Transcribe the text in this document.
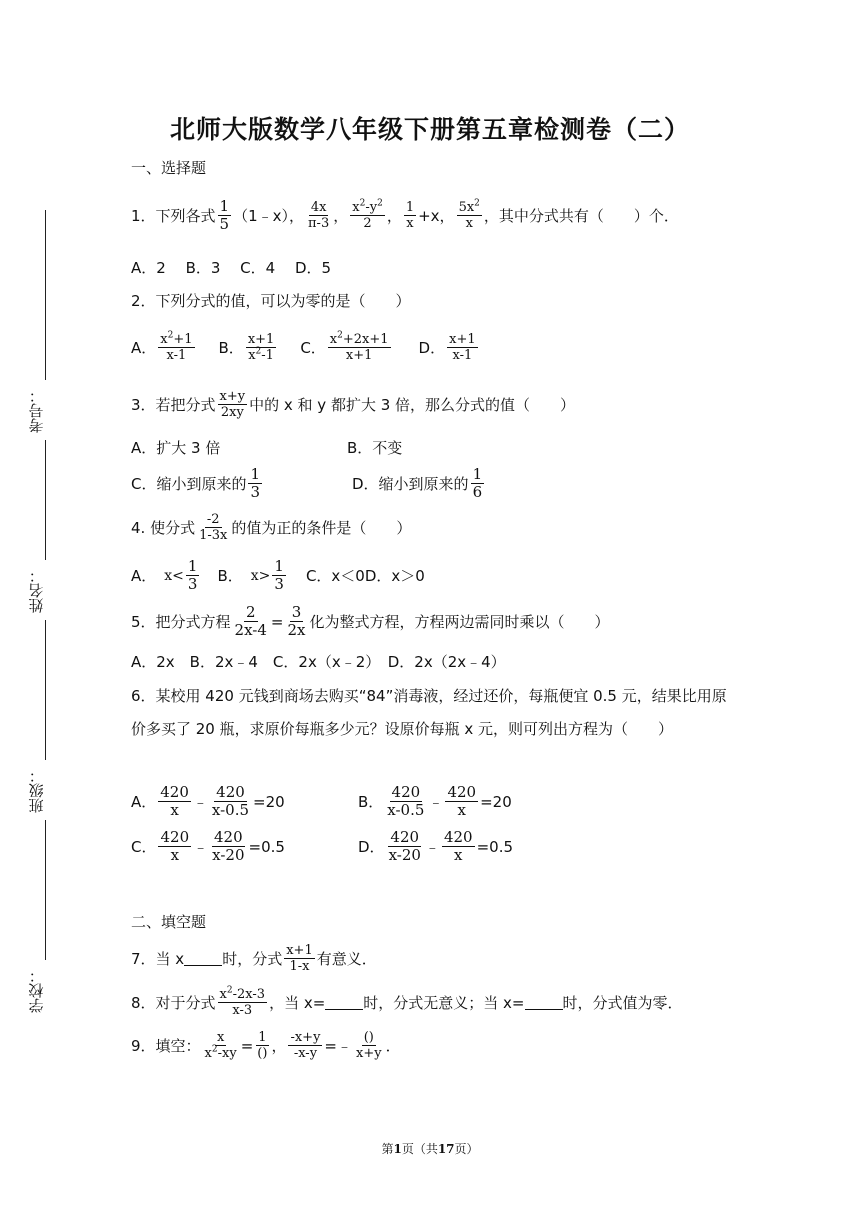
北师大版数学八年级下册第五章检测卷（二）
考号：
姓名：
班级：
学校：
一、选择题
1．下列各式
1
5 （1﹣x）， 4x
π-3 ， $x^2-y^2$
2 ， 1
x +x， $5x^2$
x ，其中分式共有（　　）个．
A．2　 B．3　 C．4　 D．5
2．下列分式的值，可以为零的是（　　）
A． $x^2+1$
x-1 B． x+1
$x^2-1$ C． $x^2+2x+1$
x+1	D． x+1
x-1
3．若把分式 x+y
2xy 中的 x 和 y 都扩大 3 倍，那么分式的值（　　）
A．扩大 3 倍	B．不变
C．缩小到原来的
1
3	D．缩小到原来的
1
6
4. 使分式 -2
1-3x 的值为正的条件是（　　）
A． x<
1
3 B． x>
1
3 C．x＜0D．x＞0
5．把分式方程 $\frac{2}{2x-4} = \frac{3}{2x}$ 化为整式方程，方程两边需同时乘以（　　）
A．2x　B．2x﹣4　C．2x（x﹣2）　D．2x（2x﹣4）
6．某校用 420 元钱到商场去购买“84”消毒液，经过还价，每瓶便宜 0.5 元，结果比用原价多买了 20 瓶，求原价每瓶多少元？设原价每瓶 x 元，则可列出方程为（　　）
A．
420
x ﹣ $\frac{420}{x-0.5} =20$	B．
420
x-0.5 ﹣ $\frac{420}{x} =20$
C．
420
x ﹣ $\frac{420}{x-20} =0.5$	D．
420
x-20 ﹣ $\frac{420}{x} =0.5$
二、填空题
7．当 x	时，分式 x+1
1-x 有意义．
8．对于分式 $x^2-2x-3$
x-3 ，当 x=	时，分式无意义；当 x=	时，分式值为零．
9．填空： $\frac{x}{x^2-xy} = 1$
() ， $\frac{-x+y}{-x-y}$ =﹣ ()
x+y ．
第1页（共17页）
